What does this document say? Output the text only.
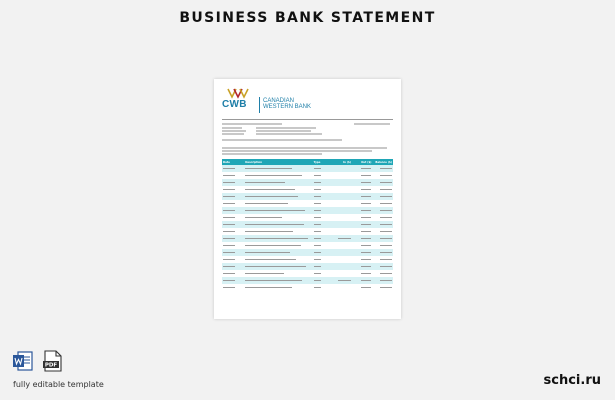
BUSINESS BANK STATEMENT
CWB	CANADIAN
WESTERN BANK
Date	Description	Type	In ($)	Out ($)	Balance ($)

PDF
fully editable template	schci.ru
